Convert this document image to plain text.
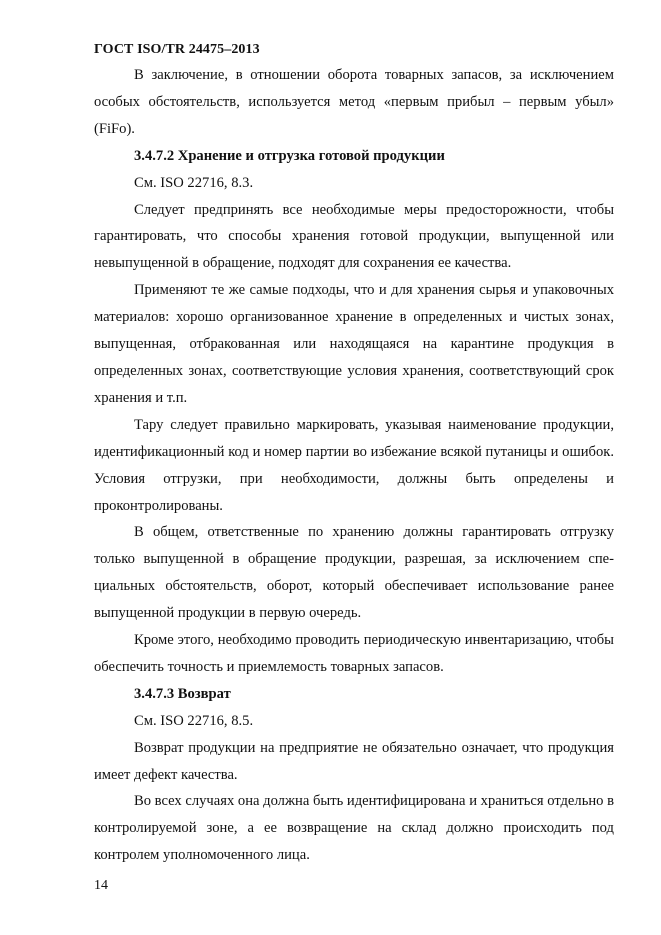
ГОСТ ISO/TR 24475–2013

В заключение, в отношении оборота товарных запасов, за исключением особых обстоятельств, используется метод «первым прибыл – первым убыл» (FiFo).

3.4.7.2 Хранение и отгрузка готовой продукции

См. ISO 22716, 8.3.

Следует предпринять все необходимые меры предосторожности, чтобы гарантировать, что способы хранения готовой продукции, выпущенной или невыпущенной в обращение, подходят для сохранения ее качества.

Применяют те же самые подходы, что и для хранения сырья и упаковочных материалов: хорошо организованное хранение в определенных и чистых зонах, выпущенная, отбракованная или находящаяся на карантине продукция в определенных зонах, соответствующие условия хранения, соответствующий срок хранения и т.п.

Тару следует правильно маркировать, указывая наименование продукции, идентификационный код и номер партии во избежание всякой путаницы и ошибок. Условия отгрузки, при необходимости, должны быть определены и проконтролированы.

В общем, ответственные по хранению должны гарантировать отгрузку только выпущенной в обращение продукции, разрешая, за исключением специальных обстоятельств, оборот, который обеспечивает использование ранее выпущенной продукции в первую очередь.

Кроме этого, необходимо проводить периодическую инвентаризацию, чтобы обеспечить точность и приемлемость товарных запасов.

3.4.7.3 Возврат

См. ISO 22716, 8.5.

Возврат продукции на предприятие не обязательно означает, что продукция имеет дефект качества.

Во всех случаях она должна быть идентифицирована и храниться отдельно в контролируемой зоне, а ее возвращение на склад должно происходить под контролем уполномоченного лица.

14
